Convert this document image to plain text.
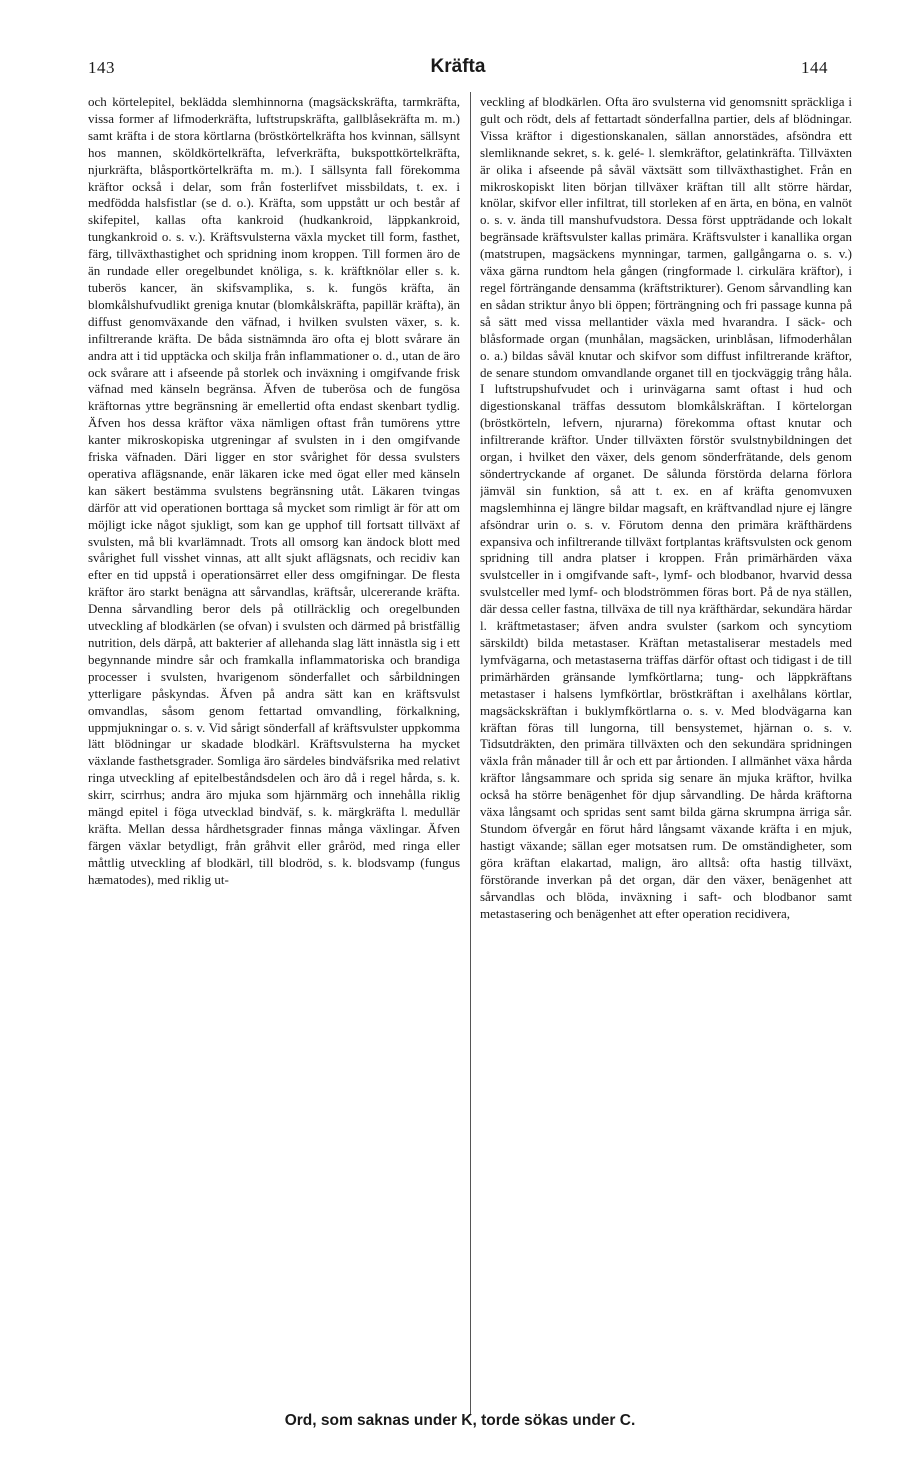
143	Kräfta	144

och körtelepitel, beklädda slemhinnorna (magsäckskräfta, tarmkräfta, vissa former af lifmoderkräfta, luftstrupskräfta, gallblåsekräfta m. m.) samt kräfta i de stora körtlarna (bröstkörtelkräfta hos kvinnan, sällsynt hos mannen, sköldkörtelkräfta, lefverkräfta, bukspottkörtelkräfta, njurkräfta, blåsportkörtelkräfta m. m.). I sällsynta fall förekomma kräftor också i delar, som från fosterlifvet missbildats, t. ex. i medfödda halsfistlar (se d. o.). Kräfta, som uppstått ur och består af skifepitel, kallas ofta kankroid (hudkankroid, läppkankroid, tungkankroid o. s. v.). Kräftsvulsterna växla mycket till form, fasthet, färg, tillväxthastighet och spridning inom kroppen. Till formen äro de än rundade eller oregelbundet knöliga, s. k. kräftknölar eller s. k. tuberös kancer, än skifsvamplika, s. k. fungös kräfta, än blomkålshufvudlikt greniga knutar (blomkålskräfta, papillär kräfta), än diffust genomväxande den väfnad, i hvilken svulsten växer, s. k. infiltrerande kräfta. De båda sistnämnda äro ofta ej blott svårare än andra att i tid upptäcka och skilja från inflammationer o. d., utan de äro ock svårare att i afseende på storlek och inväxning i omgifvande frisk väfnad med känseln begränsa. Äfven de tuberösa och de fungösa kräftornas yttre begränsning är emellertid ofta endast skenbart tydlig. Äfven hos dessa kräftor växa nämligen oftast från tumörens yttre kanter mikroskopiska utgreningar af svulsten in i den omgifvande friska väfnaden. Däri ligger en stor svårighet för dessa svulsters operativa aflägsnande, enär läkaren icke med ögat eller med känseln kan säkert bestämma svulstens begränsning utåt. Läkaren tvingas därför att vid operationen borttaga så mycket som rimligt är för att om möjligt icke något sjukligt, som kan ge upphof till fortsatt tillväxt af svulsten, må bli kvarlämnadt. Trots all omsorg kan ändock blott med svårighet full visshet vinnas, att allt sjukt aflägsnats, och recidiv kan efter en tid uppstå i operationsärret eller dess omgifningar. De flesta kräftor äro starkt benägna att sårvandlas, kräftsår, ulcererande kräfta. Denna sårvandling beror dels på otillräcklig och oregelbunden utveckling af blodkärlen (se ofvan) i svulsten och därmed på bristfällig nutrition, dels därpå, att bakterier af allehanda slag lätt innästla sig i ett begynnande mindre sår och framkalla inflammatoriska och brandiga processer i svulsten, hvarigenom sönderfallet och sårbildningen ytterligare påskyndas. Äfven på andra sätt kan en kräftsvulst omvandlas, såsom genom fettartad omvandling, förkalkning, uppmjukningar o. s. v. Vid sårigt sönderfall af kräftsvulster uppkomma lätt blödningar ur skadade blodkärl. Kräftsvulsterna ha mycket växlande fasthetsgrader. Somliga äro särdeles bindväfsrika med relativt ringa utveckling af epitelbeståndsdelen och äro då i regel hårda, s. k. skirr, scirrhus; andra äro mjuka som hjärnmärg och innehålla riklig mängd epitel i föga utvecklad bindväf, s. k. märgkräfta l. medullär kräfta. Mellan dessa hårdhetsgrader finnas många växlingar. Äfven färgen växlar betydligt, från gråhvit eller gråröd, med ringa eller måttlig utveckling af blodkärl, till blodröd, s. k. blodsvamp (fungus hæmatodes), med riklig ut-

veckling af blodkärlen. Ofta äro svulsterna vid genomsnitt spräckliga i gult och rödt, dels af fettartadt sönderfallna partier, dels af blödningar. Vissa kräftor i digestionskanalen, sällan annorstädes, afsöndra ett slemliknande sekret, s. k. gelé- l. slemkräftor, gelatinkräfta. Tillväxten är olika i afseende på såväl växtsätt som tillväxthastighet. Från en mikroskopiskt liten början tillväxer kräftan till allt större härdar, knölar, skifvor eller infiltrat, till storleken af en ärta, en böna, en valnöt o. s. v. ända till manshufvudstora. Dessa först uppträdande och lokalt begränsade kräftsvulster kallas primära. Kräftsvulster i kanallika organ (matstrupen, magsäckens mynningar, tarmen, gallgångarna o. s. v.) växa gärna rundtom hela gången (ringformade l. cirkulära kräftor), i regel förträngande densamma (kräftstrikturer). Genom sårvandling kan en sådan striktur ånyo bli öppen; förträngning och fri passage kunna på så sätt med vissa mellantider växla med hvarandra. I säck- och blåsformade organ (munhålan, magsäcken, urinblåsan, lifmoderhålan o. a.) bildas såväl knutar och skifvor som diffust infiltrerande kräftor, de senare stundom omvandlande organet till en tjockväggig trång håla. I luftstrupshufvudet och i urinvägarna samt oftast i hud och digestionskanal träffas dessutom blomkålskräftan. I körtelorgan (bröstkörteln, lefvern, njurarna) förekomma oftast knutar och infiltrerande kräftor. Under tillväxten förstör svulstnybildningen det organ, i hvilket den växer, dels genom sönderfrätande, dels genom söndertryckande af organet. De sålunda förstörda delarna förlora jämväl sin funktion, så att t. ex. en af kräfta genomvuxen magslemhinna ej längre bildar magsaft, en kräftvandlad njure ej längre afsöndrar urin o. s. v. Förutom denna den primära kräfthärdens expansiva och infiltrerande tillväxt fortplantas kräftsvulsten ock genom spridning till andra platser i kroppen. Från primärhärden växa svulstceller in i omgifvande saft-, lymf- och blodbanor, hvarvid dessa svulstceller med lymf- och blodströmmen föras bort. På de nya ställen, där dessa celler fastna, tillväxa de till nya kräfthärdar, sekundära härdar l. kräftmetastaser; äfven andra svulster (sarkom och syncytiom särskildt) bilda metastaser. Kräftan metastaliserar mestadels med lymfvägarna, och metastaserna träffas därför oftast och tidigast i de till primärhärden gränsande lymfkörtlarna; tung- och läppkräftans metastaser i halsens lymfkörtlar, bröstkräftan i axelhålans körtlar, magsäckskräftan i buklymfkörtlarna o. s. v. Med blodvägarna kan kräftan föras till lungorna, till bensystemet, hjärnan o. s. v. Tidsutdräkten, den primära tillväxten och den sekundära spridningen växla från månader till år och ett par årtionden. I allmänhet växa hårda kräftor långsammare och sprida sig senare än mjuka kräftor, hvilka också ha större benägenhet för djup sårvandling. De hårda kräftorna växa långsamt och spridas sent samt bilda gärna skrumpna ärriga sår. Stundom öfvergår en förut hård långsamt växande kräfta i en mjuk, hastigt växande; sällan eger motsatsen rum. De omständigheter, som göra kräftan elakartad, malign, äro alltså: ofta hastig tillväxt, förstörande inverkan på det organ, där den växer, benägenhet att sårvandlas och blöda, inväxning i saft- och blodbanor samt metastasering och benägenhet att efter operation recidivera,

Ord, som saknas under K, torde sökas under C.
